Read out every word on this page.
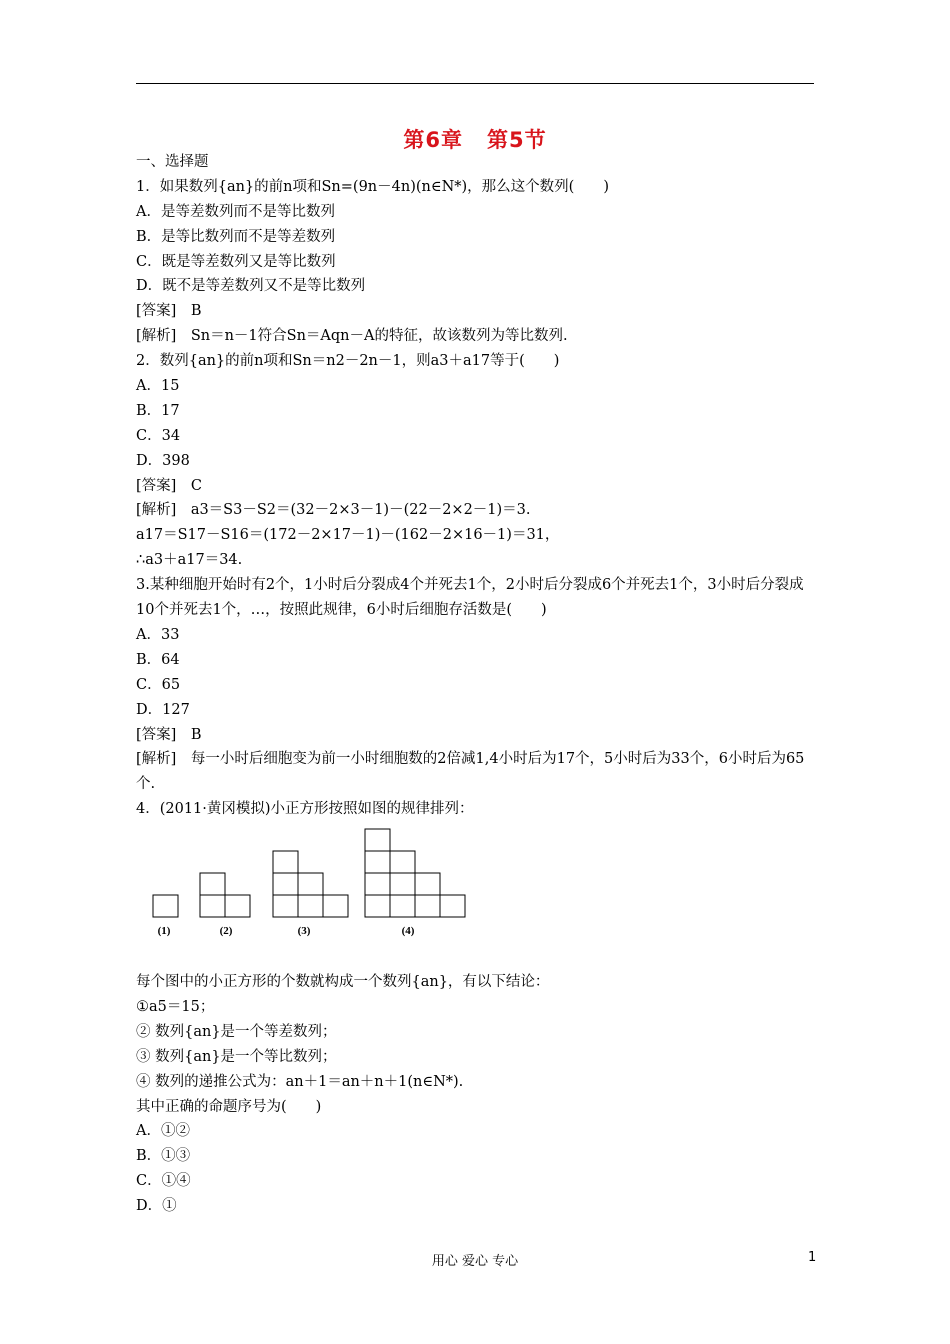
第6章 第5节
一、选择题
1．如果数列{an}的前n项和Sn=(9n－4n)(n∈N*)，那么这个数列(　　)
A．是等差数列而不是等比数列
B．是等比数列而不是等差数列
C．既是等差数列又是等比数列
D．既不是等差数列又不是等比数列
[答案]　B
[解析]　Sn＝n－1符合Sn＝Aqn－A的特征，故该数列为等比数列.
2．数列{an}的前n项和Sn＝n2－2n－1，则a3＋a17等于(　　)
A．15
B．17
C．34
D．398
[答案]　C
[解析]　a3＝S3－S2＝(32－2×3－1)－(22－2×2－1)＝3.
a17＝S17－S16＝(172－2×17－1)－(162－2×16－1)＝31，
∴a3＋a17＝34.
3.某种细胞开始时有2个，1小时后分裂成4个并死去1个，2小时后分裂成6个并死去1个，3小时后分裂成10个并死去1个，…，按照此规律，6小时后细胞存活数是(　　)
A．33
B．64
C．65
D．127
[答案]　B
[解析]　每一小时后细胞变为前一小时细胞数的2倍减1,4小时后为17个，5小时后为33个，6小时后为65个.
4．(2011·黄冈模拟)小正方形按照如图的规律排列：
(1)	(2)	(3)	(4)
每个图中的小正方形的个数就构成一个数列{an}，有以下结论：
①a5＝15；
② 数列{an}是一个等差数列；
③ 数列{an}是一个等比数列；
④ 数列的递推公式为：an＋1＝an＋n＋1(n∈N*).
其中正确的命题序号为(　　)
A．①②
B．①③
C．①④
D．①
用心 爱心 专心	1
